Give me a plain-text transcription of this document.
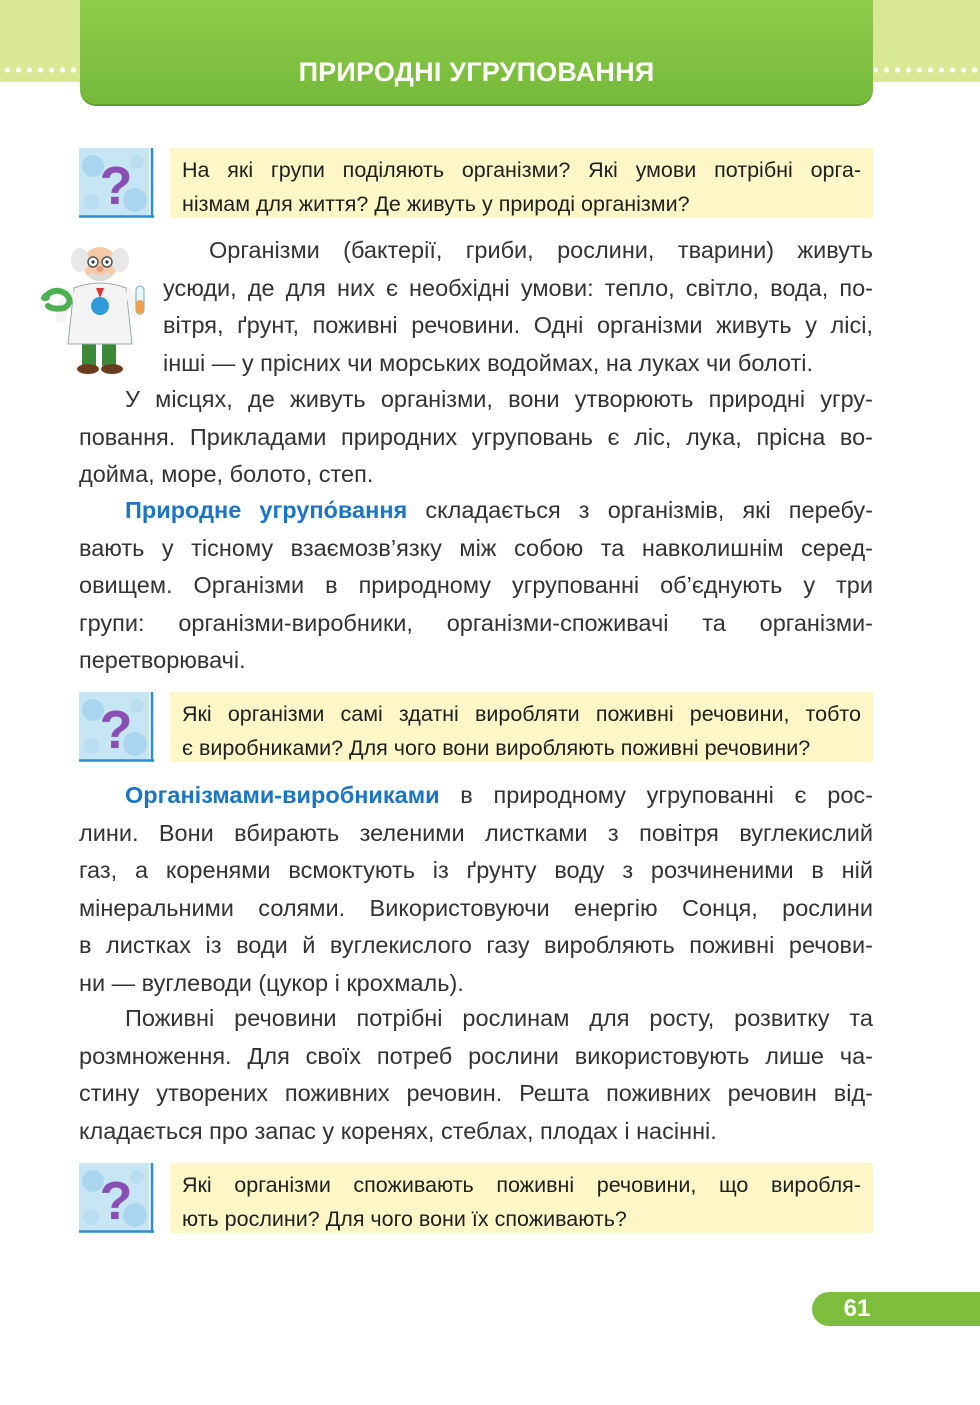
ПРИРОДНІ УГРУПОВАННЯ
? На які групи поділяють організми? Які умови потрібні орга-
нізмам для життя? Де живуть у природі організми?
Організми (бактерії, гриби, рослини, тварини) живуть
усюди, де для них є необхідні умови: тепло, світло, вода, по-
вітря, ґрунт, поживні речовини. Одні організми живуть у лісі,
інші — у прісних чи морських водоймах, на луках чи болоті.
У місцях, де живуть організми, вони утворюють природні угру-
повання. Прикладами природних угруповань є ліс, лука, прісна во-
дойма, море, болото, степ.
Природне угрупо́вання складається з організмів, які перебу-
вають у тісному взаємозв’язку між собою та навколишнім серед-
овищем. Організми в природному угрупованні об’єднують у три
групи: організми-виробники, організми-споживачі та організми-
перетворювачі.
? Які організми самі здатні виробляти поживні речовини, тобто
є виробниками? Для чого вони виробляють поживні речовини?
Організмами-виробниками в природному угрупованні є рос-
лини. Вони вбирають зеленими листками з повітря вуглекислий
газ, а коренями всмоктують із ґрунту воду з розчиненими в ній
мінеральними солями. Використовуючи енергію Сонця, рослини
в листках із води й вуглекислого газу виробляють поживні речови-
ни — вуглеводи (цукор і крохмаль).
Поживні речовини потрібні рослинам для росту, розвитку та
розмноження. Для своїх потреб рослини використовують лише ча-
стину утворених поживних речовин. Решта поживних речовин від-
кладається про запас у коренях, стеблах, плодах і насінні.
? Які організми споживають поживні речовини, що виробля-
ють рослини? Для чого вони їх споживають?
61
